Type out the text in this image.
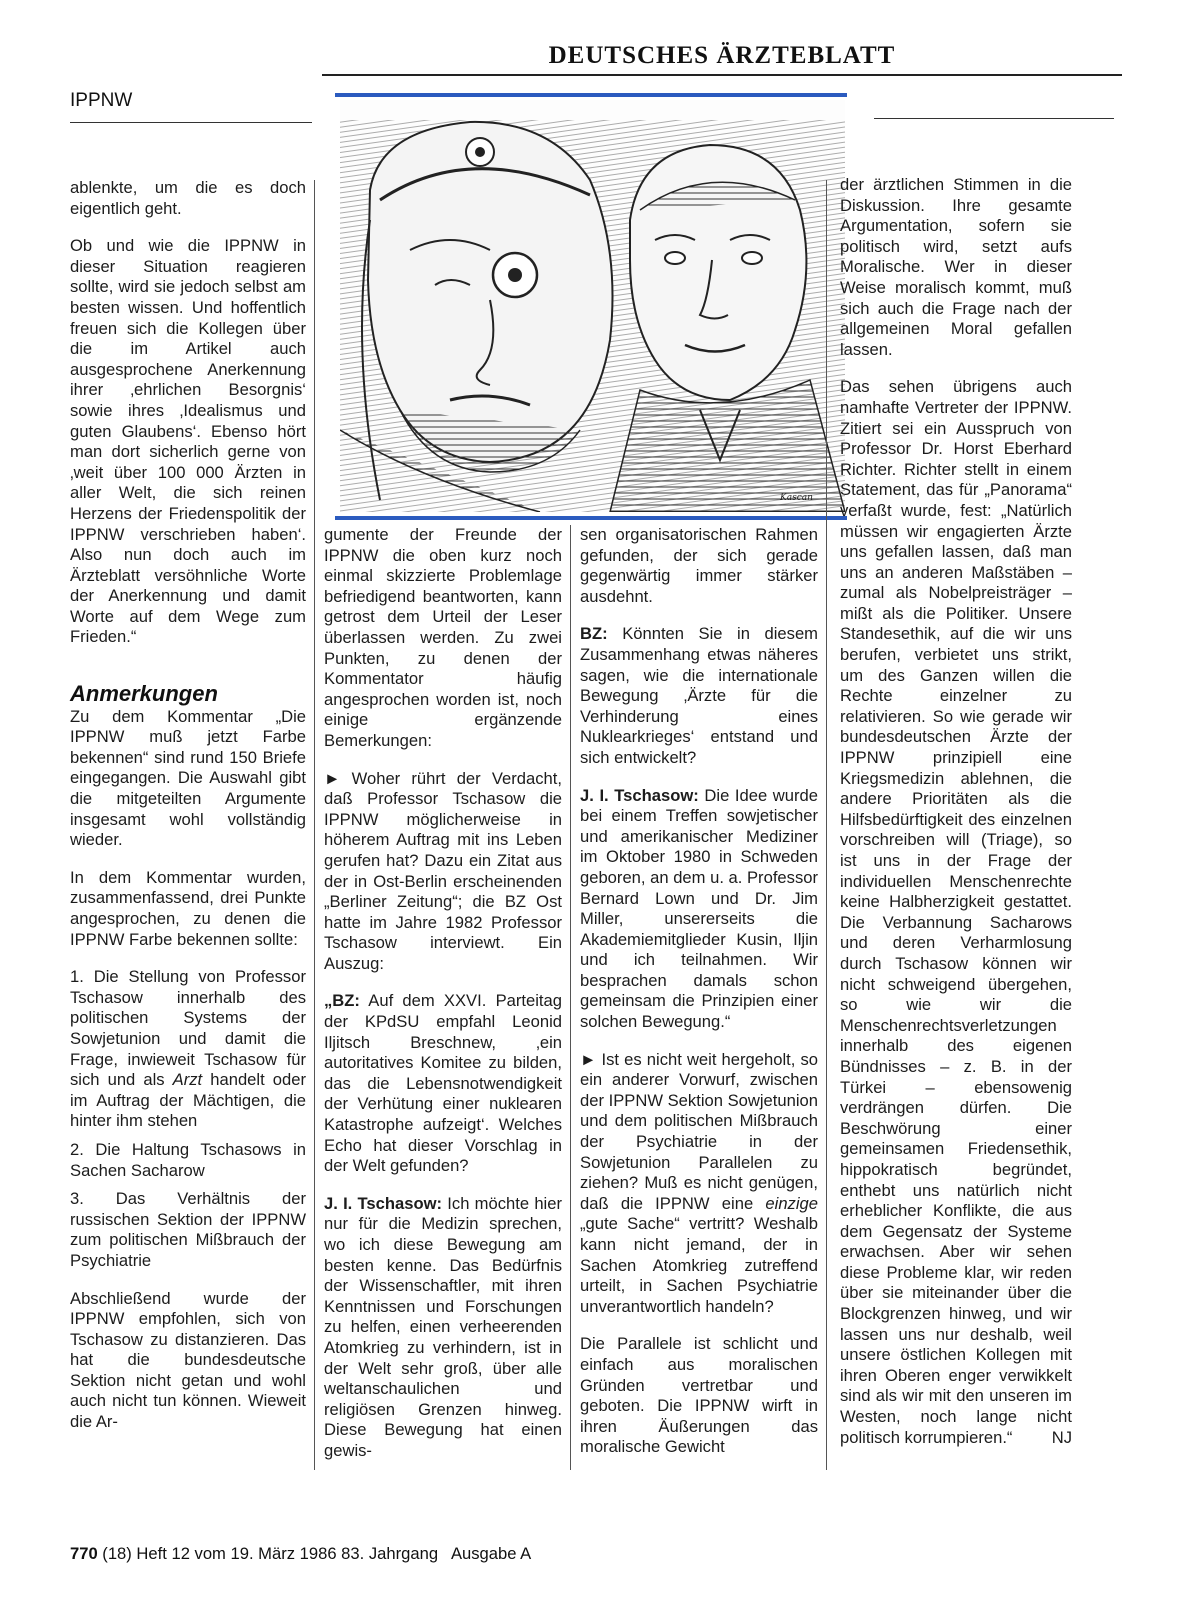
DEUTSCHES ÄRZTEBLATT
IPPNW
Kascan

ablenkte, um die es doch eigentlich geht.

Ob und wie die IPPNW in dieser Situation reagieren sollte, wird sie jedoch selbst am besten wissen. Und hoffentlich freuen sich die Kollegen über die im Artikel auch ausgesprochene Anerkennung ihrer ‚ehrlichen Besorgnis‘ sowie ihres ‚Idealismus und guten Glaubens‘. Ebenso hört man dort sicherlich gerne von ‚weit über 100 000 Ärzten in aller Welt, die sich reinen Herzens der Friedenspolitik der IPPNW verschrieben haben‘. Also nun doch auch im Ärzteblatt versöhnliche Worte der Anerkennung und damit Worte auf dem Wege zum Frieden.“

Anmerkungen

Zu dem Kommentar „Die IPPNW muß jetzt Farbe bekennen“ sind rund 150 Briefe eingegangen. Die Auswahl gibt die mitgeteilten Argumente insgesamt wohl vollständig wieder.

In dem Kommentar wurden, zusammenfassend, drei Punkte angesprochen, zu denen die IPPNW Farbe bekennen sollte:

1. Die Stellung von Professor Tschasow innerhalb des politischen Systems der Sowjetunion und damit die Frage, inwieweit Tschasow für sich und als Arzt handelt oder im Auftrag der Mächtigen, die hinter ihm stehen

2. Die Haltung Tschasows in Sachen Sacharow

3. Das Verhältnis der russischen Sektion der IPPNW zum politischen Mißbrauch der Psychiatrie

Abschließend wurde der IPPNW empfohlen, sich von Tschasow zu distanzieren. Das hat die bundesdeutsche Sektion nicht getan und wohl auch nicht tun können. Wieweit die Ar-

gumente der Freunde der IPPNW die oben kurz noch einmal skizzierte Problemlage befriedigend beantworten, kann getrost dem Urteil der Leser überlassen werden. Zu zwei Punkten, zu denen der Kommentator häufig angesprochen worden ist, noch einige ergänzende Bemerkungen:

► Woher rührt der Verdacht, daß Professor Tschasow die IPPNW möglicherweise in höherem Auftrag mit ins Leben gerufen hat? Dazu ein Zitat aus der in Ost-Berlin erscheinenden „Berliner Zeitung“; die BZ Ost hatte im Jahre 1982 Professor Tschasow interviewt. Ein Auszug:

„BZ: Auf dem XXVI. Parteitag der KPdSU empfahl Leonid Iljitsch Breschnew, ‚ein autoritatives Komitee zu bilden, das die Lebensnotwendigkeit der Verhütung einer nuklearen Katastrophe aufzeigt‘. Welches Echo hat dieser Vorschlag in der Welt gefunden?

J. I. Tschasow: Ich möchte hier nur für die Medizin sprechen, wo ich diese Bewegung am besten kenne. Das Bedürfnis der Wissenschaftler, mit ihren Kenntnissen und Forschungen zu helfen, einen verheerenden Atomkrieg zu verhindern, ist in der Welt sehr groß, über alle weltanschaulichen und religiösen Grenzen hinweg. Diese Bewegung hat einen gewis-

sen organisatorischen Rahmen gefunden, der sich gerade gegenwärtig immer stärker ausdehnt.

BZ: Könnten Sie in diesem Zusammenhang etwas näheres sagen, wie die internationale Bewegung ‚Ärzte für die Verhinderung eines Nuklearkrieges‘ entstand und sich entwickelt?

J. I. Tschasow: Die Idee wurde bei einem Treffen sowjetischer und amerikanischer Mediziner im Oktober 1980 in Schweden geboren, an dem u. a. Professor Bernard Lown und Dr. Jim Miller, unsererseits die Akademiemitglieder Kusin, Iljin und ich teilnahmen. Wir besprachen damals schon gemeinsam die Prinzipien einer solchen Bewegung.“

► Ist es nicht weit hergeholt, so ein anderer Vorwurf, zwischen der IPPNW Sektion Sowjetunion und dem politischen Mißbrauch der Psychiatrie in der Sowjetunion Parallelen zu ziehen? Muß es nicht genügen, daß die IPPNW eine einzige „gute Sache“ vertritt? Weshalb kann nicht jemand, der in Sachen Atomkrieg zutreffend urteilt, in Sachen Psychiatrie unverantwortlich handeln?

Die Parallele ist schlicht und einfach aus moralischen Gründen vertretbar und geboten. Die IPPNW wirft in ihren Äußerungen das moralische Gewicht

der ärztlichen Stimmen in die Diskussion. Ihre gesamte Argumentation, sofern sie politisch wird, setzt aufs Moralische. Wer in dieser Weise moralisch kommt, muß sich auch die Frage nach der allgemeinen Moral gefallen lassen.

Das sehen übrigens auch namhafte Vertreter der IPPNW. Zitiert sei ein Ausspruch von Professor Dr. Horst Eberhard Richter. Richter stellt in einem Statement, das für „Panorama“ verfaßt wurde, fest: „Natürlich müssen wir engagierten Ärzte uns gefallen lassen, daß man uns an anderen Maßstäben – zumal als Nobelpreisträger – mißt als die Politiker. Unsere Standesethik, auf die wir uns berufen, verbietet uns strikt, um des Ganzen willen die Rechte einzelner zu relativieren. So wie gerade wir bundesdeutschen Ärzte der IPPNW prinzipiell eine Kriegsmedizin ablehnen, die andere Prioritäten als die Hilfsbedürftigkeit des einzelnen vorschreiben will (Triage), so ist uns in der Frage der individuellen Menschenrechte keine Halbherzigkeit gestattet. Die Verbannung Sacharows und deren Verharmlosung durch Tschasow können wir nicht schweigend übergehen, so wie wir die Menschenrechtsverletzungen innerhalb des eigenen Bündnisses – z. B. in der Türkei – ebensowenig verdrängen dürfen. Die Beschwörung einer gemeinsamen Friedensethik, hippokratisch begründet, enthebt uns natürlich nicht erheblicher Konflikte, die aus dem Gegensatz der Systeme erwachsen. Aber wir sehen diese Probleme klar, wir reden über sie miteinander über die Blockgrenzen hinweg, und wir lassen uns nur deshalb, weil unsere östlichen Kollegen mit ihren Oberen enger verwikkelt sind als wir mit den unseren im Westen, noch lange nicht politisch korrumpieren.“ NJ

770 (18) Heft 12 vom 19. März 1986 83. Jahrgang   Ausgabe A
